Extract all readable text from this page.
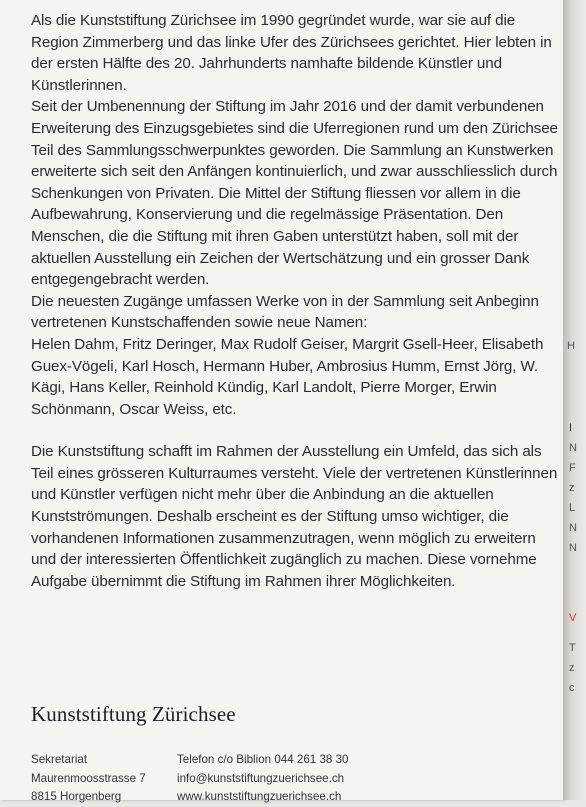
Als die Kunststiftung Zürichsee im 1990 gegründet wurde, war sie auf die Region Zimmerberg und das linke Ufer des Zürichsees gerichtet. Hier lebten in der ersten Hälfte des 20. Jahrhunderts namhafte bildende Künstler und Künstlerinnen.

Seit der Umbenennung der Stiftung im Jahr 2016 und der damit verbundenen Erweiterung des Einzugsgebietes sind die Uferregionen rund um den Zürichsee Teil des Sammlungsschwerpunktes geworden. Die Sammlung an Kunstwerken erweiterte sich seit den Anfängen kontinuierlich, und zwar ausschliesslich durch Schenkungen von Privaten. Die Mittel der Stiftung fliessen vor allem in die Aufbewahrung, Konservierung und die regelmässige Präsentation. Den Menschen, die die Stiftung mit ihren Gaben unterstützt haben, soll mit der aktuellen Ausstellung ein Zeichen der Wertschätzung und ein grosser Dank entgegengebracht werden.

Die neuesten Zugänge umfassen Werke von in der Sammlung seit Anbeginn vertretenen Kunstschaffenden sowie neue Namen:

Helen Dahm, Fritz Deringer, Max Rudolf Geiser, Margrit Gsell-Heer, Elisabeth Guex-Vögeli, Karl Hosch, Hermann Huber, Ambrosius Humm, Ernst Jörg, W. Kägi, Hans Keller, Reinhold Kündig, Karl Landolt, Pierre Morger, Erwin Schönmann, Oscar Weiss, etc.

Die Kunststiftung schafft im Rahmen der Ausstellung ein Umfeld, das sich als Teil eines grösseren Kulturraumes versteht. Viele der vertretenen Künstlerinnen und Künstler verfügen nicht mehr über die Anbindung an die aktuellen Kunstströmungen. Deshalb erscheint es der Stiftung umso wichtiger, die vorhandenen Informationen zusammenzutragen, wenn möglich zu erweitern und der interessierten Öffentlichkeit zugänglich zu machen. Diese vornehme Aufgabe übernimmt die Stiftung im Rahmen ihrer Möglichkeiten.

Kunststiftung Zürichsee
Sekretariat
Maurenmoosstrasse 7
8815 Horgenberg
Telefon c/o Biblion 044 261 38 30
info@kunststiftungzuerichsee.ch
www.kunststiftungzuerichsee.ch
H
I
N
F
z
L
N
N
V
T
z
c
